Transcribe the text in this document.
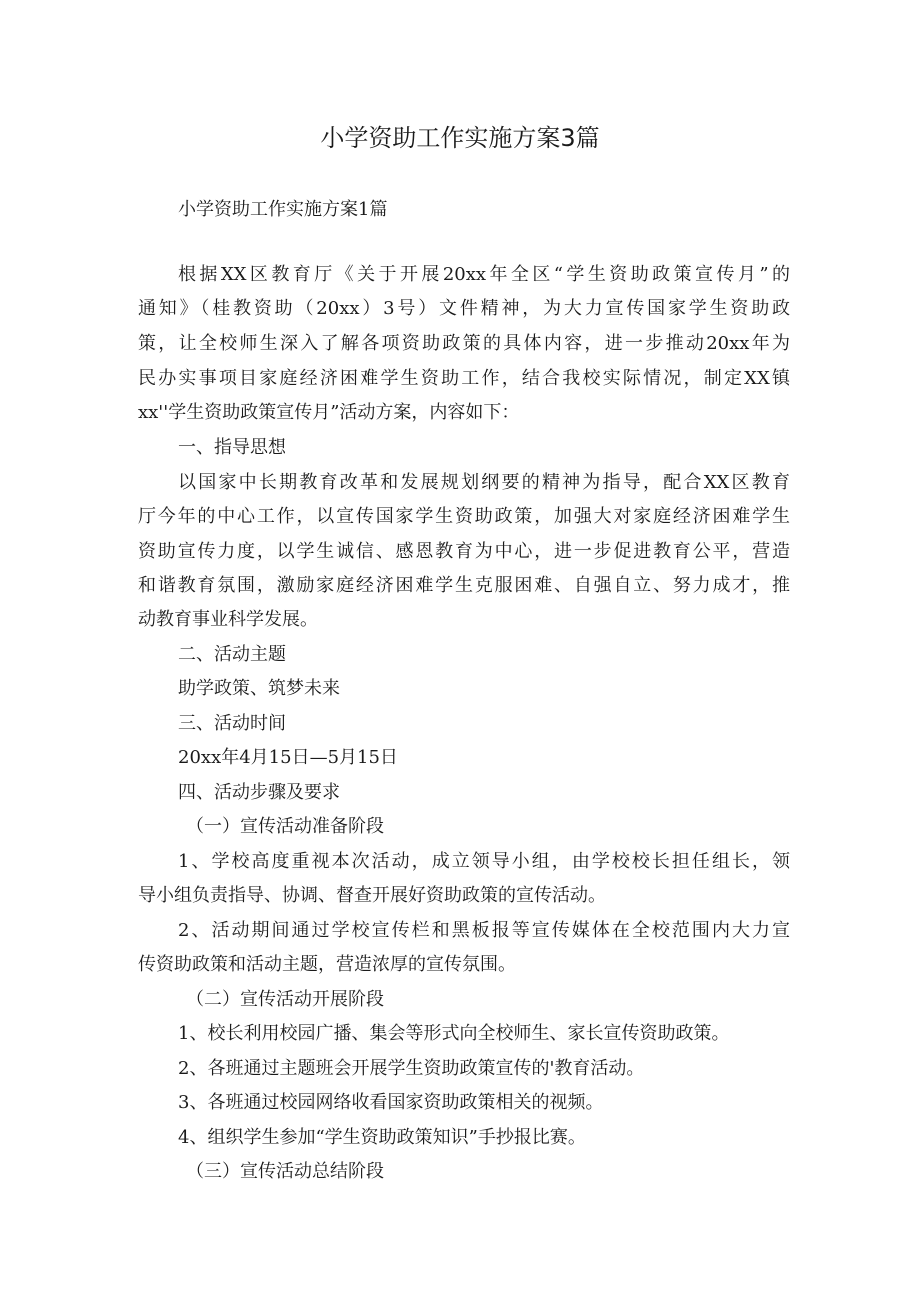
小学资助工作实施方案3篇
小学资助工作实施方案1篇
根据XX区教育厅《关于开展20xx年全区“学生资助政策宣传月”的
通知》（桂教资助（20xx）3号）文件精神，为大力宣传国家学生资助政
策，让全校师生深入了解各项资助政策的具体内容，进一步推动20xx年为
民办实事项目家庭经济困难学生资助工作，结合我校实际情况，制定XX镇
xx''学生资助政策宣传月”活动方案，内容如下：
一、指导思想
以国家中长期教育改革和发展规划纲要的精神为指导，配合XX区教育
厅今年的中心工作，以宣传国家学生资助政策，加强大对家庭经济困难学生
资助宣传力度，以学生诚信、感恩教育为中心，进一步促进教育公平，营造
和谐教育氛围，激励家庭经济困难学生克服困难、自强自立、努力成才，推
动教育事业科学发展。
二、活动主题
助学政策、筑梦未来
三、活动时间
20xx年4月15日—5月15日
四、活动步骤及要求
（一）宣传活动准备阶段
1、学校高度重视本次活动，成立领导小组，由学校校长担任组长，领
导小组负责指导、协调、督查开展好资助政策的宣传活动。
2、活动期间通过学校宣传栏和黑板报等宣传媒体在全校范围内大力宣
传资助政策和活动主题，营造浓厚的宣传氛围。
（二）宣传活动开展阶段
1、校长利用校园广播、集会等形式向全校师生、家长宣传资助政策。
2、各班通过主题班会开展学生资助政策宣传的'教育活动。
3、各班通过校园网络收看国家资助政策相关的视频。
4、组织学生参加“学生资助政策知识”手抄报比赛。
（三）宣传活动总结阶段
